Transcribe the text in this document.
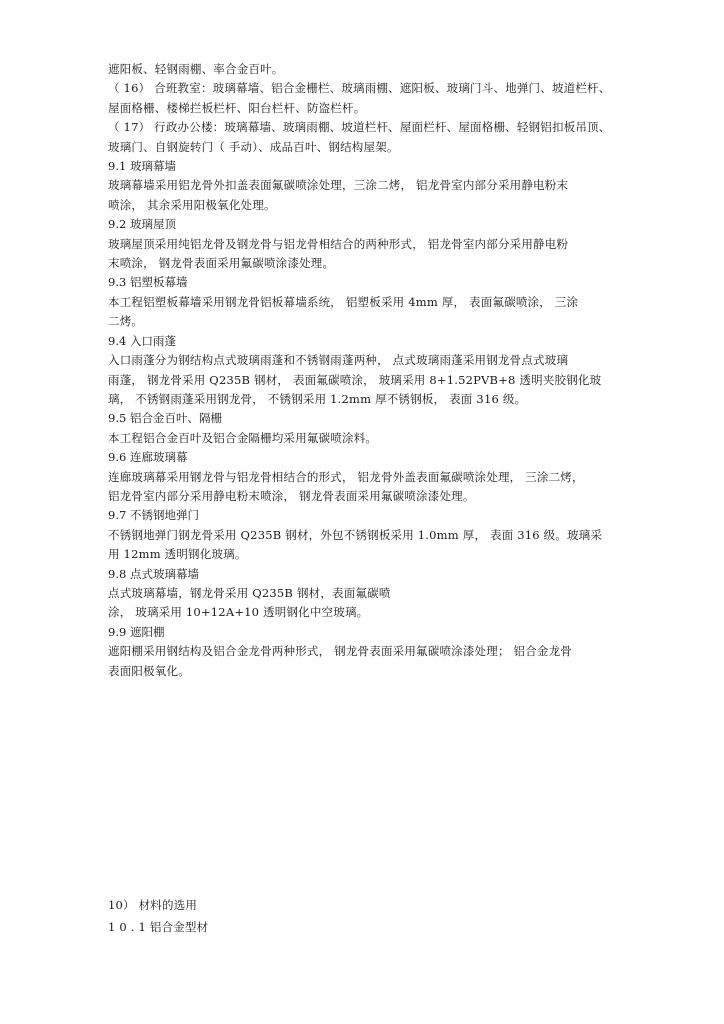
遮阳板、轻钢雨棚、率合金百叶。
（ 16） 合班教室：玻璃幕墙、铝合金栅栏、玻璃雨棚、遮阳板、玻璃门斗、地弹门、坡道栏杆、
屋面格栅、楼梯拦板栏杆、阳台栏杆、防盗栏杆。
（ 17） 行政办公楼：玻璃幕墙、玻璃雨棚、坡道栏杆、屋面栏杆、屋面格栅、轻钢铝扣板吊顶、
玻璃门、自钢旋转门（ 手动）、成品百叶、钢结构屋架。
9.1 玻璃幕墙
玻璃幕墙采用铝龙骨外扣盖表面氟碳喷涂处理，三涂二烤， 铝龙骨室内部分采用静电粉末
喷涂， 其余采用阳极氧化处理。
9.2 玻璃屋顶
玻璃屋顶采用纯铝龙骨及钢龙骨与铝龙骨相结合的两种形式， 铝龙骨室内部分采用静电粉
末喷涂， 钢龙骨表面采用氟碳喷涂漆处理。
9.3 铝塑板幕墙
本工程铝塑板幕墙采用钢龙骨铝板幕墙系统， 铝塑板采用 4mm 厚， 表面氟碳喷涂， 三涂
二烤。
9.4 入口雨蓬
入口雨蓬分为钢结构点式玻璃雨蓬和不锈钢雨蓬两种， 点式玻璃雨蓬采用钢龙骨点式玻璃
雨蓬， 钢龙骨采用 Q235B 钢材， 表面氟碳喷涂， 玻璃采用 8+1.52PVB+8 透明夹胶钢化玻
璃， 不锈钢雨蓬采用钢龙骨， 不锈钢采用 1.2mm 厚不锈钢板， 表面 316 级。
9.5 铝合金百叶、隔栅
本工程铝合金百叶及铝合金隔栅均采用氟碳喷涂料。
9.6 连廊玻璃幕
连廊玻璃幕采用钢龙骨与铝龙骨相结合的形式， 铝龙骨外盖表面氟碳喷涂处理， 三涂二烤，
铝龙骨室内部分采用静电粉末喷涂， 钢龙骨表面采用氟碳喷涂漆处理。
9.7 不锈钢地弹门
不锈钢地弹门钢龙骨采用 Q235B 钢材，外包不锈钢板采用 1.0mm 厚， 表面 316 级。玻璃采
用 12mm 透明钢化玻璃。
9.8 点式玻璃幕墙
点式玻璃幕墙，钢龙骨采用 Q235B 钢材，表面氟碳喷
涂， 玻璃采用 10+12A+10 透明钢化中空玻璃。
9.9 遮阳棚
遮阳棚采用钢结构及铝合金龙骨两种形式， 钢龙骨表面采用氟碳喷涂漆处理； 铝合金龙骨
表面阳极氧化。
10） 材料的选用
1 0 . 1 铝合金型材
